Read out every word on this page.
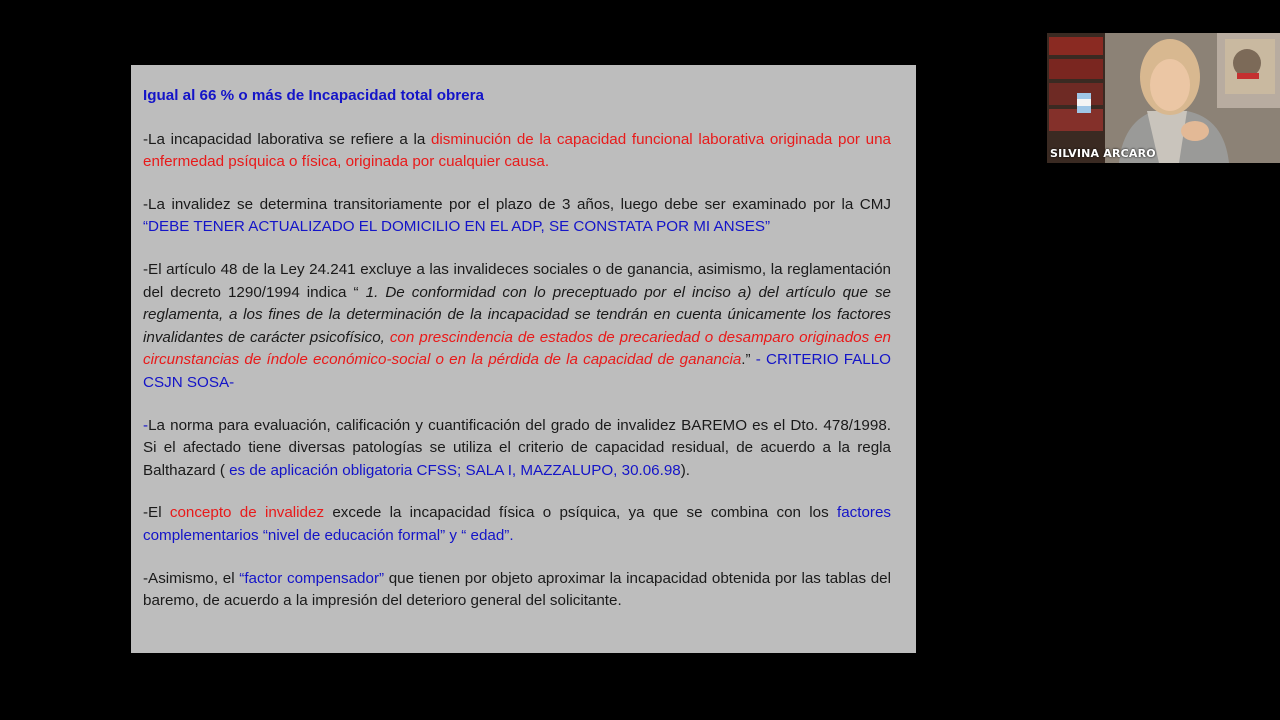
Igual al 66 % o más de Incapacidad total obrera

-La incapacidad laborativa se refiere a la disminución de la capacidad funcional laborativa originada por una enfermedad psíquica o física, originada por cualquier causa.

-La invalidez se determina transitoriamente por el plazo de 3 años, luego debe ser examinado por la CMJ “DEBE TENER ACTUALIZADO EL DOMICILIO EN EL ADP, SE CONSTATA POR MI ANSES”

-El artículo 48 de la Ley 24.241 excluye a las invalideces sociales o de ganancia, asimismo, la reglamentación del decreto 1290/1994 indica “ 1. De conformidad con lo preceptuado por el inciso a) del artículo que se reglamenta, a los fines de la determinación de la incapacidad se tendrán en cuenta únicamente los factores invalidantes de carácter psicofísico, con prescindencia de estados de precariedad o desamparo originados en circunstancias de índole económico-social o en la pérdida de la capacidad de ganancia.” - CRITERIO FALLO CSJN SOSA-

-La norma para evaluación, calificación y cuantificación del grado de invalidez BAREMO es el Dto. 478/1998. Si el afectado tiene diversas patologías se utiliza el criterio de capacidad residual, de acuerdo a la regla Balthazard ( es de aplicación obligatoria CFSS; SALA I, MAZZALUPO, 30.06.98).

-El concepto de invalidez excede la incapacidad física o psíquica, ya que se combina con los factores complementarios “nivel de educación formal” y “ edad”.

-Asimismo, el “factor compensador” que tienen por objeto aproximar la incapacidad obtenida por las tablas del baremo, de acuerdo a la impresión del deterioro general del solicitante.

SILVINA ARCARO
